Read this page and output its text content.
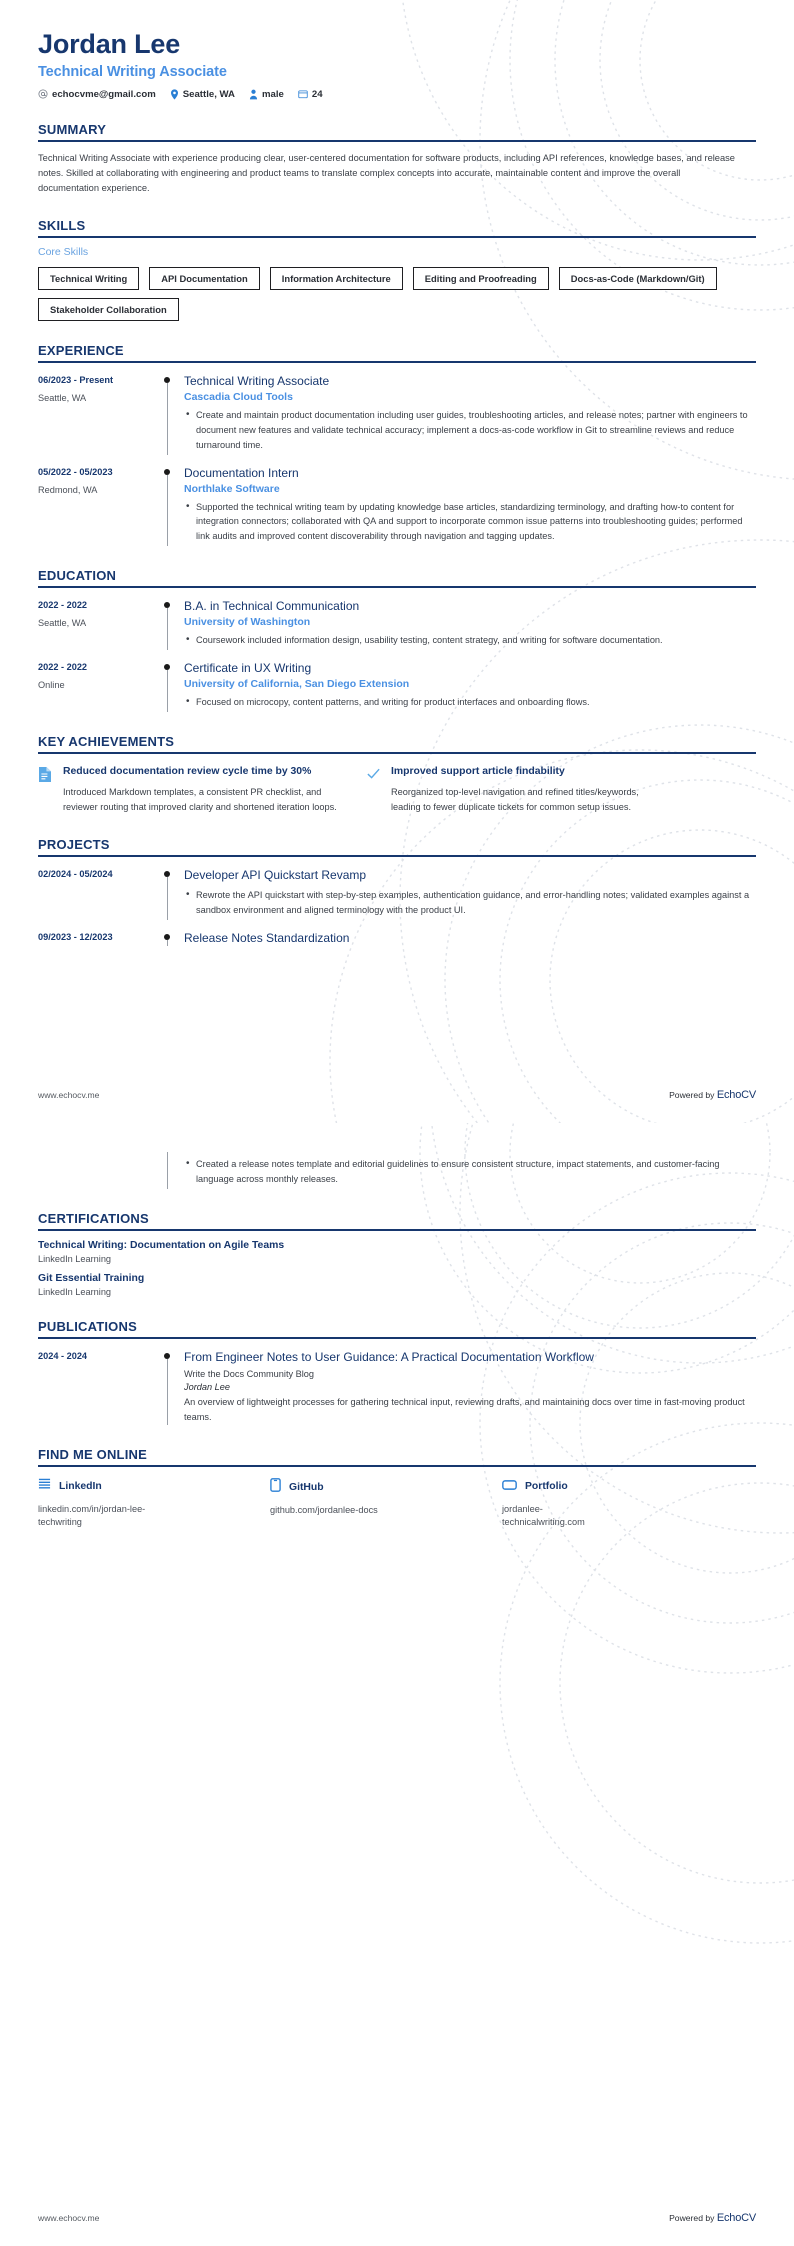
Jordan Lee
Technical Writing Associate
echocvme@gmail.com	Seattle, WA	male	24
SUMMARY
Technical Writing Associate with experience producing clear, user-centered documentation for software products, including API references, knowledge bases, and release notes. Skilled at collaborating with engineering and product teams to translate complex concepts into accurate, maintainable content and improve the overall documentation experience.
SKILLS
Core Skills
Technical Writing	API Documentation	Information Architecture	Editing and Proofreading	Docs-as-Code (Markdown/Git)
Stakeholder Collaboration
EXPERIENCE
06/2023 - Present
Seattle, WA
Technical Writing Associate
Cascadia Cloud Tools
• Create and maintain product documentation including user guides, troubleshooting articles, and release notes; partner with engineers to document new features and validate technical accuracy; implement a docs-as-code workflow in Git to streamline reviews and reduce turnaround time.
05/2022 - 05/2023
Redmond, WA
Documentation Intern
Northlake Software
• Supported the technical writing team by updating knowledge base articles, standardizing terminology, and drafting how-to content for integration connectors; collaborated with QA and support to incorporate common issue patterns into troubleshooting guides; performed link audits and improved content discoverability through navigation and tagging updates.
EDUCATION
2022 - 2022
Seattle, WA
B.A. in Technical Communication
University of Washington
• Coursework included information design, usability testing, content strategy, and writing for software documentation.
2022 - 2022
Online
Certificate in UX Writing
University of California, San Diego Extension
• Focused on microcopy, content patterns, and writing for product interfaces and onboarding flows.
KEY ACHIEVEMENTS
Reduced documentation review cycle time by 30%
Introduced Markdown templates, a consistent PR checklist, and reviewer routing that improved clarity and shortened iteration loops.
Improved support article findability
Reorganized top-level navigation and refined titles/keywords, leading to fewer duplicate tickets for common setup issues.
PROJECTS
02/2024 - 05/2024	Developer API Quickstart Revamp
• Rewrote the API quickstart with step-by-step examples, authentication guidance, and error-handling notes; validated examples against a sandbox environment and aligned terminology with the product UI.
09/2023 - 12/2023	Release Notes Standardization
www.echocv.me	Powered by EchoCV
• Created a release notes template and editorial guidelines to ensure consistent structure, impact statements, and customer-facing language across monthly releases.
CERTIFICATIONS
Technical Writing: Documentation on Agile Teams
LinkedIn Learning
Git Essential Training
LinkedIn Learning
PUBLICATIONS
2024 - 2024	From Engineer Notes to User Guidance: A Practical Documentation Workflow
Write the Docs Community Blog
Jordan Lee
An overview of lightweight processes for gathering technical input, reviewing drafts, and maintaining docs over time in fast-moving product teams.
FIND ME ONLINE
LinkedIn
linkedin.com/in/jordan-lee-techwriting
GitHub
github.com/jordanlee-docs
Portfolio
jordanlee-technicalwriting.com
www.echocv.me	Powered by EchoCV
